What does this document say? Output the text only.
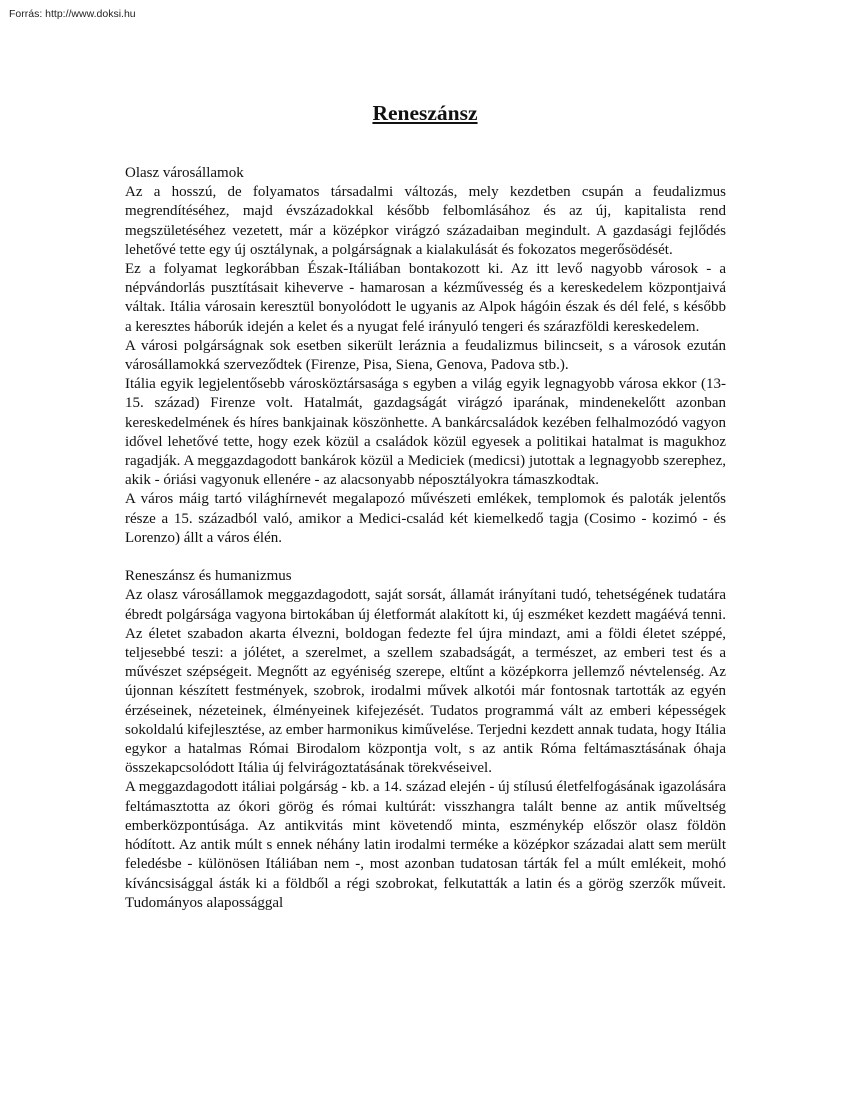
Forrás: http://www.doksi.hu
Reneszánsz

Olasz városállamok

Az a hosszú, de folyamatos társadalmi változás, mely kezdetben csupán a feudalizmus megrendítéséhez, majd évszázadokkal később felbomlásához és az új, kapitalista rend megszületéséhez vezetett, már a középkor virágzó századaiban megindult. A gazdasági fejlődés lehetővé tette egy új osztálynak, a polgárságnak a kialakulását és fokozatos megerősödését.

Ez a folyamat legkorábban Észak-Itáliában bontakozott ki. Az itt levő nagyobb városok - a népvándorlás pusztításait kiheverve - hamarosan a kézművesség és a kereskedelem központjaivá váltak. Itália városain keresztül bonyolódott le ugyanis az Alpok hágóin észak és dél felé, s később a keresztes háborúk idején a kelet és a nyugat felé irányuló tengeri és szárazföldi kereskedelem.

A városi polgárságnak sok esetben sikerült leráznia a feudalizmus bilincseit, s a városok ezután városállamokká szerveződtek (Firenze, Pisa, Siena, Genova, Padova stb.).

Itália egyik legjelentősebb városköztársasága s egyben a világ egyik legnagyobb városa ekkor (13-15. század) Firenze volt. Hatalmát, gazdagságát virágzó iparának, mindenekelőtt azonban kereskedelmének és híres bankjainak köszönhette. A bankárcsaládok kezében felhalmozódó vagyon idővel lehetővé tette, hogy ezek közül a családok közül egyesek a politikai hatalmat is magukhoz ragadják. A meggazdagodott bankárok közül a Mediciek (medicsi) jutottak a legnagyobb szerephez, akik - óriási vagyonuk ellenére - az alacsonyabb néposztályokra támaszkodtak.

A város máig tartó világhírnevét megalapozó művészeti emlékek, templomok és paloták jelentős része a 15. századból való, amikor a Medici-család két kiemelkedő tagja (Cosimo - kozimó - és Lorenzo) állt a város élén.

Reneszánsz és humanizmus

Az olasz városállamok meggazdagodott, saját sorsát, államát irányítani tudó, tehetségének tudatára ébredt polgársága vagyona birtokában új életformát alakított ki, új eszméket kezdett magáévá tenni. Az életet szabadon akarta élvezni, boldogan fedezte fel újra mindazt, ami a földi életet széppé, teljesebbé teszi: a jólétet, a szerelmet, a szellem szabadságát, a természet, az emberi test és a művészet szépségeit. Megnőtt az egyéniség szerepe, eltűnt a középkorra jellemző névtelenség. Az újonnan készített festmények, szobrok, irodalmi művek alkotói már fontosnak tartották az egyén érzéseinek, nézeteinek, élményeinek kifejezését. Tudatos programmá vált az emberi képességek sokoldalú kifejlesztése, az ember harmonikus kiművelése. Terjedni kezdett annak tudata, hogy Itália egykor a hatalmas Római Birodalom központja volt, s az antik Róma feltámasztásának óhaja összekapcsolódott Itália új felvirágoztatásának törekvéseivel.

A meggazdagodott itáliai polgárság - kb. a 14. század elején - új stílusú életfelfogásának igazolására feltámasztotta az ókori görög és római kultúrát: visszhangra talált benne az antik műveltség emberközpontúsága. Az antikvitás mint követendő minta, eszménykép először olasz földön hódított. Az antik múlt s ennek néhány latin irodalmi terméke a középkor századai alatt sem merült feledésbe - különösen Itáliában nem -, most azonban tudatosan tárták fel a múlt emlékeit, mohó kíváncsisággal ásták ki a földből a régi szobrokat, felkutatták a latin és a görög szerzők műveit. Tudományos alapossággal
